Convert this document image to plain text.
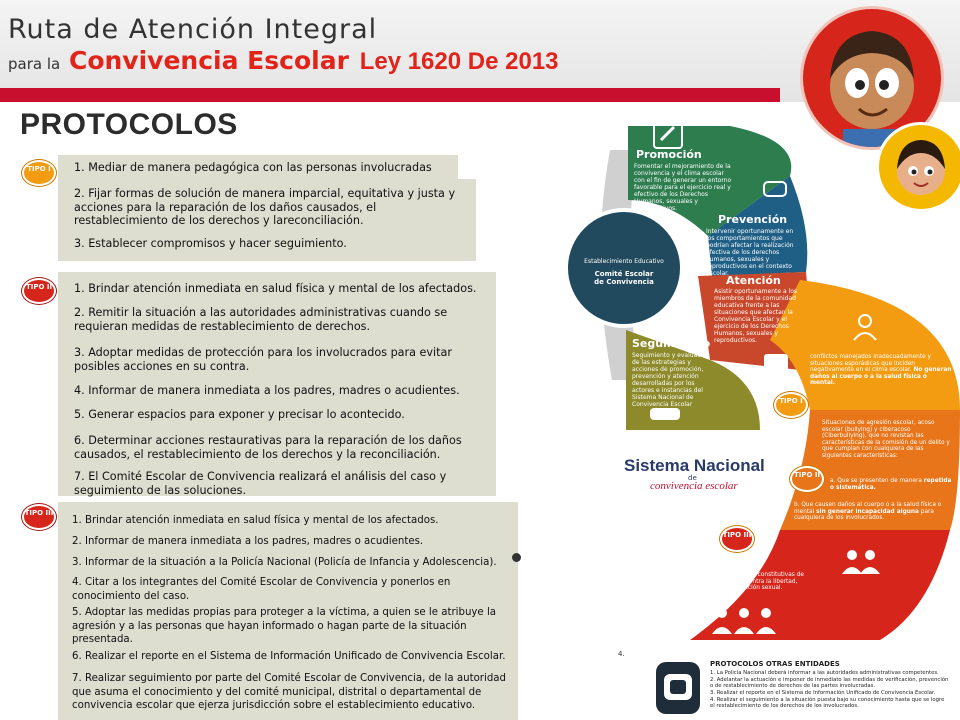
Ruta de Atención Integral
para la Convivencia Escolar Ley 1620 De 2013
PROTOCOLOS
TIPO I	1. Mediar de manera pedagógica con las personas involucradas

2. Fijar formas de solución de manera imparcial, equitativa y justa y acciones para la reparación de los daños causados, el restablecimiento de los derechos y lareconciliación.

3. Establecer compromisos y hacer seguimiento.

TIPO II	1. Brindar atención inmediata en salud física y mental de los afectados.

2. Remitir la situación a las autoridades administrativas cuando se requieran medidas de restablecimiento de derechos.

3. Adoptar medidas de protección para los involucrados para evitar posibles acciones en su contra.

4. Informar de manera inmediata a los padres, madres o acudientes.

5. Generar espacios para exponer y precisar lo acontecido.

6. Determinar acciones restaurativas para la reparación de los daños causados, el restablecimiento de los derechos y la reconciliación.

7. El Comité Escolar de Convivencia realizará el análisis del caso y seguimiento de las soluciones.

TIPO III

1. Brindar atención inmediata en salud física y mental de los afectados.

2. Informar de manera inmediata a los padres, madres o acudientes.

3. Informar de la situación a la Policía Nacional (Policía de Infancia y Adolescencia).

4. Citar a los integrantes del Comité Escolar de Convivencia y ponerlos en conocimiento del caso.

5. Adoptar las medidas propias para proteger a la víctima, a quien se le atribuye la agresión y a las personas que hayan informado o hagan parte de la situación presentada.

6. Realizar el reporte en el Sistema de Información Unificado de Convivencia Escolar.

7. Realizar seguimiento por parte del Comité Escolar de Convivencia, de la autoridad que asuma el conocimiento y del comité municipal, distrital o departamental de convivencia escolar que ejerza jurisdicción sobre el establecimiento educativo.

Promoción
Fomentar el mejoramiento de la convivencia y el clima escolar con el fin de generar un entorno favorable para el ejercicio real y efectivo de los Derechos Humanos, sexuales y reproductivos.
Prevención
Intervenir oportunamente en los comportamientos que podrían afectar la realización efectiva de los derechos humanos, sexuales y reproductivos en el contexto escolar.
Atención
Asistir oportunamente a los miembros de la comunidad educativa frente a las situaciones que afectan la Convivencia Escolar y el ejercicio de los Derechos Humanos, sexuales y reproductivos.
Seguimiento
Seguimiento y evaluación de las estrategias y acciones de promoción, prevención y atención desarrolladas por los actores e instancias del Sistema Nacional de Convivencia Escolar
Establecimiento Educativo
Comité Escolar de Convivencia
TIPO I
conflictos manejados inadecuadamente y situaciones esporádicas que inciden negativamente en el clima escolar. No generan daños al cuerpo o a la salud física o mental.
TIPO II
Situaciones de agresión escolar, acoso escolar (bullying) y ciberacoso (Ciberbullying), que no revistan las características de la comisión de un delito y que cumplan con cualquiera de las siguientes características:
a. Que se presenten de manera repetida o sistemática.
b. Que causen daños al cuerpo o a la salud física o mental sin generar incapacidad alguna para cualquiera de los involucrados.
TIPO III
Situaciones que sean constitutivas de presuntos delitos contra la libertad, integridad y formación sexual.
Sistema Nacional
de
convivencia escolar
4.
PROTOCOLOS OTRAS ENTIDADES
1. La Policía Nacional deberá informar a las autoridades administrativas competentes.
2. Adelantar la actuación e imponer de inmediato las medidas de verificación, prevención o de restablecimiento de derechos de las partes involucradas.
3. Realizar el reporte en el Sistema de Información Unificado de Convivencia Escolar.
4. Realizar el seguimiento a la situación puesta bajo su conocimiento hasta que se logre el restablecimiento de los derechos de los involucrados.
